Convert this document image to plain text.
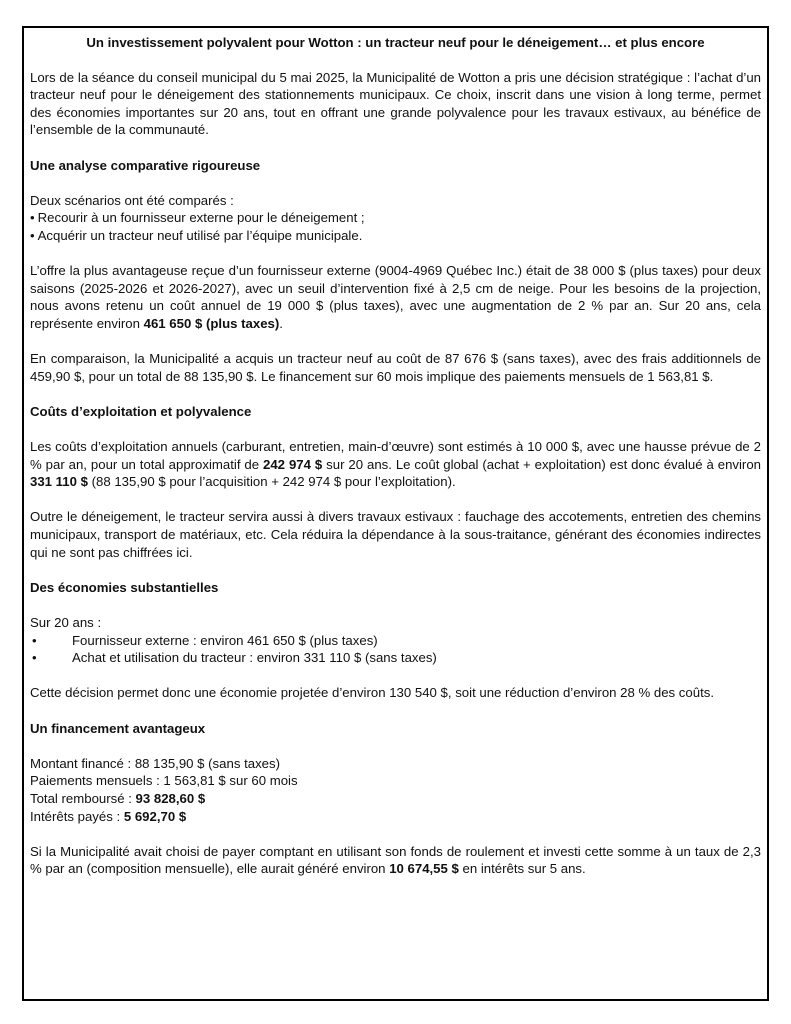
Un investissement polyvalent pour Wotton : un tracteur neuf pour le déneigement… et plus encore

Lors de la séance du conseil municipal du 5 mai 2025, la Municipalité de Wotton a pris une décision stratégique : l’achat d’un tracteur neuf pour le déneigement des stationnements municipaux. Ce choix, inscrit dans une vision à long terme, permet des économies importantes sur 20 ans, tout en offrant une grande polyvalence pour les travaux estivaux, au bénéfice de l’ensemble de la communauté.

Une analyse comparative rigoureuse

Deux scénarios ont été comparés :

• Recourir à un fournisseur externe pour le déneigement ;
• Acquérir un tracteur neuf utilisé par l’équipe municipale.

L’offre la plus avantageuse reçue d’un fournisseur externe (9004-4969 Québec Inc.) était de 38 000 $ (plus taxes) pour deux saisons (2025-2026 et 2026-2027), avec un seuil d’intervention fixé à 2,5 cm de neige. Pour les besoins de la projection, nous avons retenu un coût annuel de 19 000 $ (plus taxes), avec une augmentation de 2 % par an. Sur 20 ans, cela représente environ 461 650 $ (plus taxes).

En comparaison, la Municipalité a acquis un tracteur neuf au coût de 87 676 $ (sans taxes), avec des frais additionnels de 459,90 $, pour un total de 88 135,90 $. Le financement sur 60 mois implique des paiements mensuels de 1 563,81 $.

Coûts d’exploitation et polyvalence

Les coûts d’exploitation annuels (carburant, entretien, main-d’œuvre) sont estimés à 10 000 $, avec une hausse prévue de 2 % par an, pour un total approximatif de 242 974 $ sur 20 ans. Le coût global (achat + exploitation) est donc évalué à environ 331 110 $ (88 135,90 $ pour l’acquisition + 242 974 $ pour l’exploitation).

Outre le déneigement, le tracteur servira aussi à divers travaux estivaux : fauchage des accotements, entretien des chemins municipaux, transport de matériaux, etc. Cela réduira la dépendance à la sous-traitance, générant des économies indirectes qui ne sont pas chiffrées ici.

Des économies substantielles

Sur 20 ans :

• Fournisseur externe : environ 461 650 $ (plus taxes)
• Achat et utilisation du tracteur : environ 331 110 $ (sans taxes)

Cette décision permet donc une économie projetée d’environ 130 540 $, soit une réduction d’environ 28 % des coûts.

Un financement avantageux

Montant financé : 88 135,90 $ (sans taxes)

Paiements mensuels : 1 563,81 $ sur 60 mois

Total remboursé : 93 828,60 $

Intérêts payés : 5 692,70 $

Si la Municipalité avait choisi de payer comptant en utilisant son fonds de roulement et investi cette somme à un taux de 2,3 % par an (composition mensuelle), elle aurait généré environ 10 674,55 $ en intérêts sur 5 ans.
